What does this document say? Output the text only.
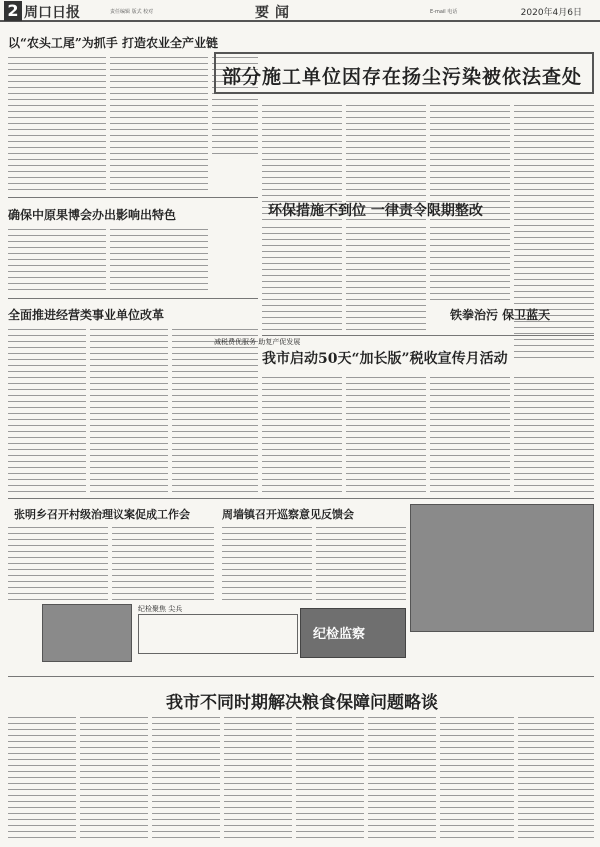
2 周口日报	责任编辑 版式 校对	要闻	E-mail 电话	2020年4月6日
以“农头工尾”为抓手 打造农业全产业链
确保中原果博会办出影响出特色
全面推进经营类事业单位改革
部分施工单位因存在扬尘污染被依法查处
环保措施不到位 一律责令限期整改
铁拳治污 保卫蓝天
减税费优服务 助复产促发展
我市启动50天“加长版”税收宣传月活动
张明乡召开村级治理议案促成工作会	周墙镇召开巡察意见反馈会
纪检聚焦 尖兵
纪检监察
我市不同时期解决粮食保障问题略谈
